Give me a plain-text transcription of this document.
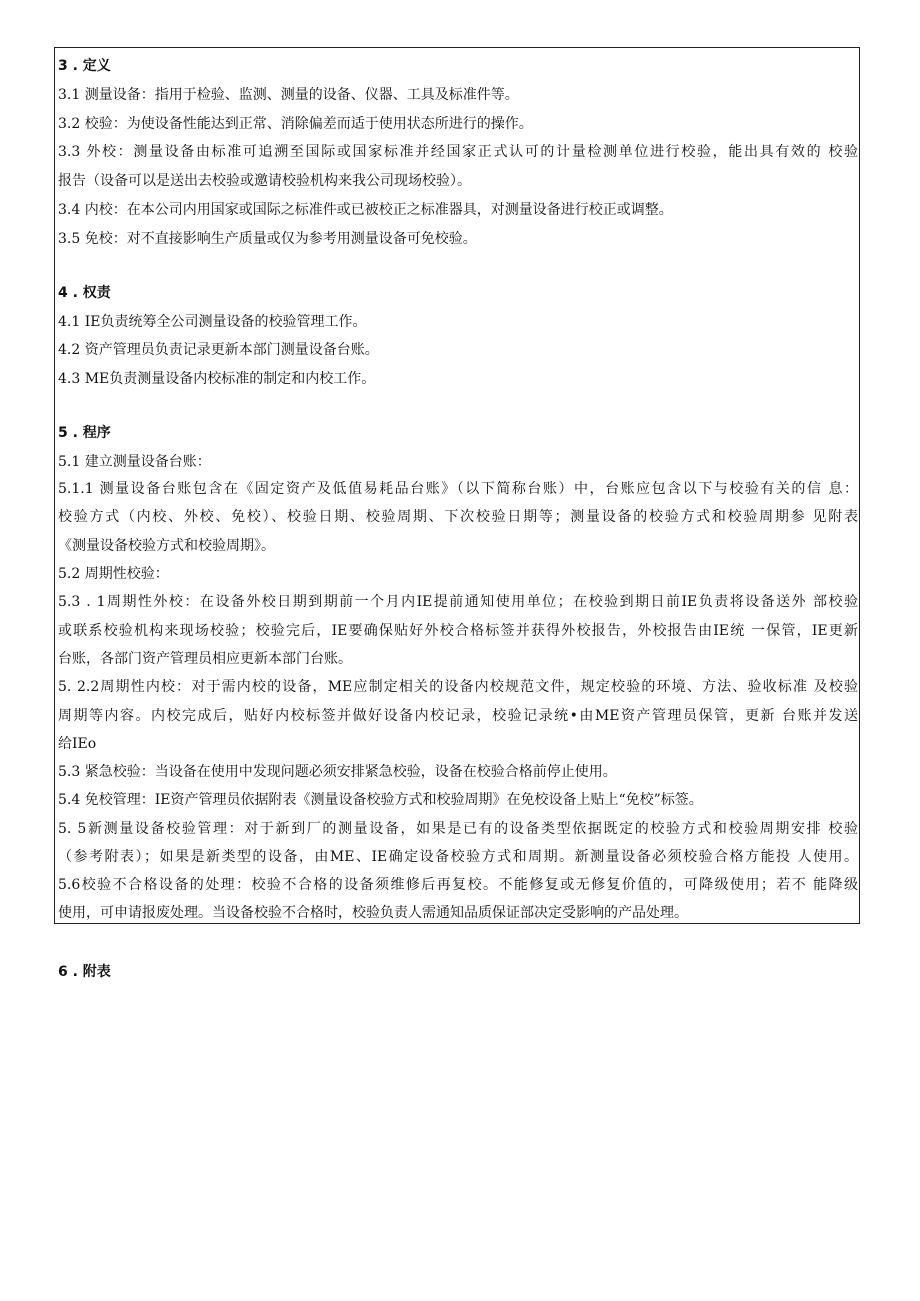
3 . 定义
3.1 测量设备：指用于检验、监测、测量的设备、仪器、工具及标准件等。
3.2 校验：为使设备性能达到正常、消除偏差而适于使用状态所进行的操作。
3.3 外校：测量设备由标准可追溯至国际或国家标准并经国家正式认可的计量检测单位进行校验，能出具有效的 校验
报告（设备可以是送出去校验或邀请校验机构来我公司现场校验）。
3.4 内校：在本公司内用国家或国际之标准件或已被校正之标准器具，对测量设备进行校正或调整。
3.5 免校：对不直接影响生产质量或仅为参考用测量设备可免校验。
4 . 权责
4.1 IE负责统筹全公司测量设备的校验管理工作。
4.2 资产管理员负责记录更新本部门测量设备台账。
4.3 ME负责测量设备内校标准的制定和内校工作。
5 . 程序
5.1 建立测量设备台账：
5.1.1 测量设备台账包含在《固定资产及低值易耗品台账》（以下简称台账）中，台账应包含以下与校验有关的信 息：
校验方式（内校、外校、免校）、校验日期、校验周期、下次校验日期等；测量设备的校验方式和校验周期参 见附表
《测量设备校验方式和校验周期》。
5.2 周期性校验：
5.3 . 1周期性外校：在设备外校日期到期前一个月内IE提前通知使用单位；在校验到期日前IE负责将设备送外 部校验
或联系校验机构来现场校验；校验完后，IE要确保贴好外校合格标签并获得外校报告，外校报告由IE统 一保管，IE更新
台账，各部门资产管理员相应更新本部门台账。
5. 2.2周期性内校：对于需内校的设备，ME应制定相关的设备内校规范文件，规定校验的环境、方法、验收标准 及校验
周期等内容。内校完成后，贴好内校标签并做好设备内校记录，校验记录统•由ME资产管理员保管，更新 台账并发送
给IEo
5.3 紧急校验：当设备在使用中发现问题必须安排紧急校验，设备在校验合格前停止使用。
5.4 免校管理：IE资产管理员依据附表《测量设备校验方式和校验周期》在免校设备上贴上“免校”标签。
5. 5新测量设备校验管理：对于新到厂的测量设备，如果是已有的设备类型依据既定的校验方式和校验周期安排 校验
（参考附表）；如果是新类型的设备，由ME、IE确定设备校验方式和周期。新测量设备必须校验合格方能投 人使用。
5.6校验不合格设备的处理：校验不合格的设备须维修后再复校。不能修复或无修复价值的，可降级使用；若不 能降级
使用，可申请报废处理。当设备校验不合格时，校验负责人需通知品质保证部决定受影响的产品处理。
6 . 附表
